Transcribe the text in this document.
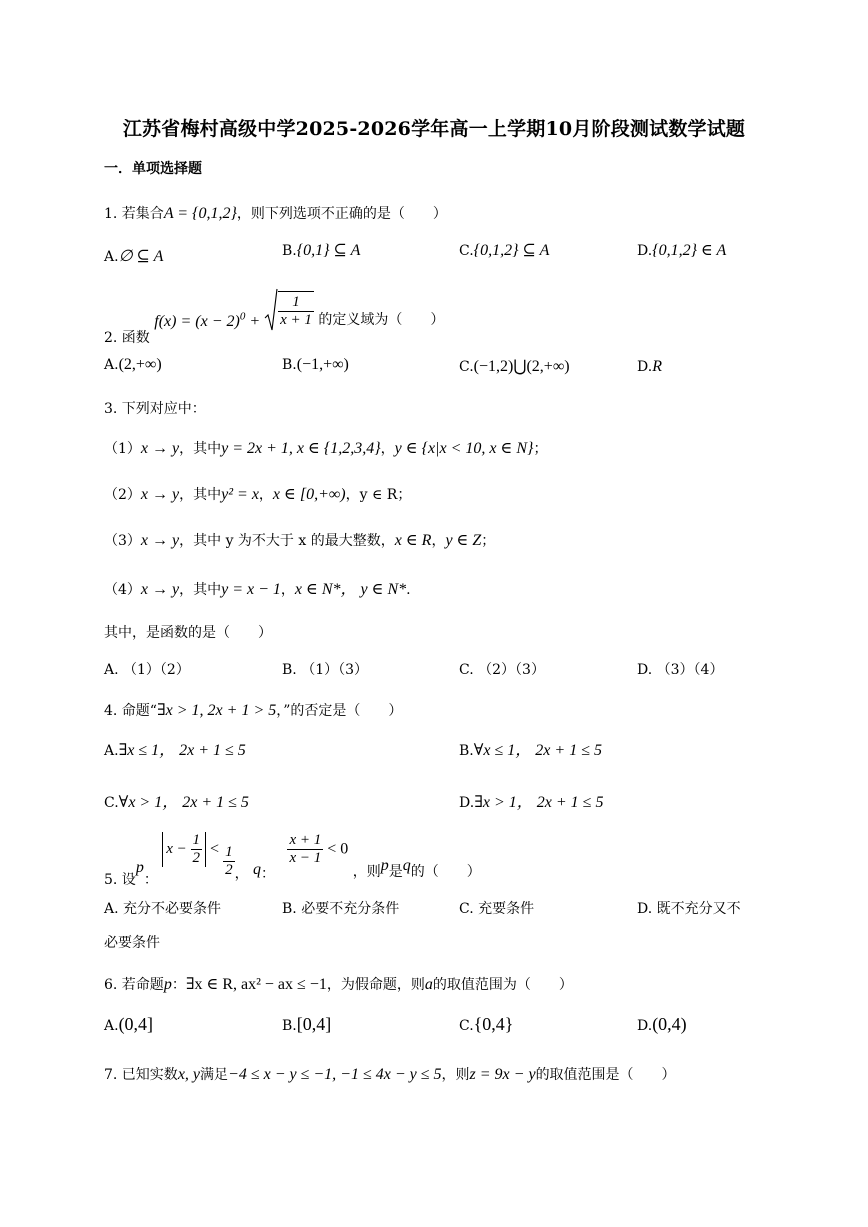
江苏省梅村高级中学2025-2026学年高一上学期10月阶段测试数学试题
一．单项选择题
1. 若集合A = {0,1,2}，则下列选项不正确的是（　　）
A.∅ ⊆ A	B.{0,1} ⊆ A	C.{0,1,2} ⊆ A	D.{0,1,2} ∈ A
2. 函数 $f(x) = (x - 2)^0 + \frac{1}{x + 1}$ 的定义域为（　　）
A.(2,+∞)	B.(−1,+∞)	C.(−1,2)⋃(2,+∞)	D.R
3. 下列对应中：
（1）x → y，其中y = 2x + 1, x ∈ {1,2,3,4}，y ∈ {x|x < 10, x ∈ N}；
（2）x → y，其中y² = x，x ∈ [0,+∞)，y ∈ R；
（3）x → y，其中 y 为不大于 x 的最大整数，x ∈ R，y ∈ Z；
（4）x → y，其中y = x − 1，x ∈ N*， y ∈ N*.
其中，是函数的是（　　）
A. （1）（2）	B. （1）（3）	C. （2）（3）	D. （3）（4）
4. 命题“∃x > 1, 2x + 1 > 5，”的否定是（　　）
A.∃x ≤ 1， 2x + 1 ≤ 5	B.∀x ≤ 1， 2x + 1 ≤ 5
C.∀x > 1， 2x + 1 ≤ 5	D.∃x > 1， 2x + 1 ≤ 5
5. 设p： $x - \frac{1}{2} < \frac{1}{2}$ ， q：
$\frac{x + 1}{x - 1} < 0$ ，则p是q的（　　）
A. 充分不必要条件	B. 必要不充分条件	C. 充要条件	D. 既不充分又不
必要条件
6. 若命题p：∃x ∈ R, ax² − ax ≤ −1，为假命题，则a的取值范围为（　　）
A.(0,4]	B.[0,4]	C.{0,4}	D.(0,4)
7. 已知实数x, y满足−4 ≤ x − y ≤ −1, −1 ≤ 4x − y ≤ 5，则z = 9x − y的取值范围是（　　）
